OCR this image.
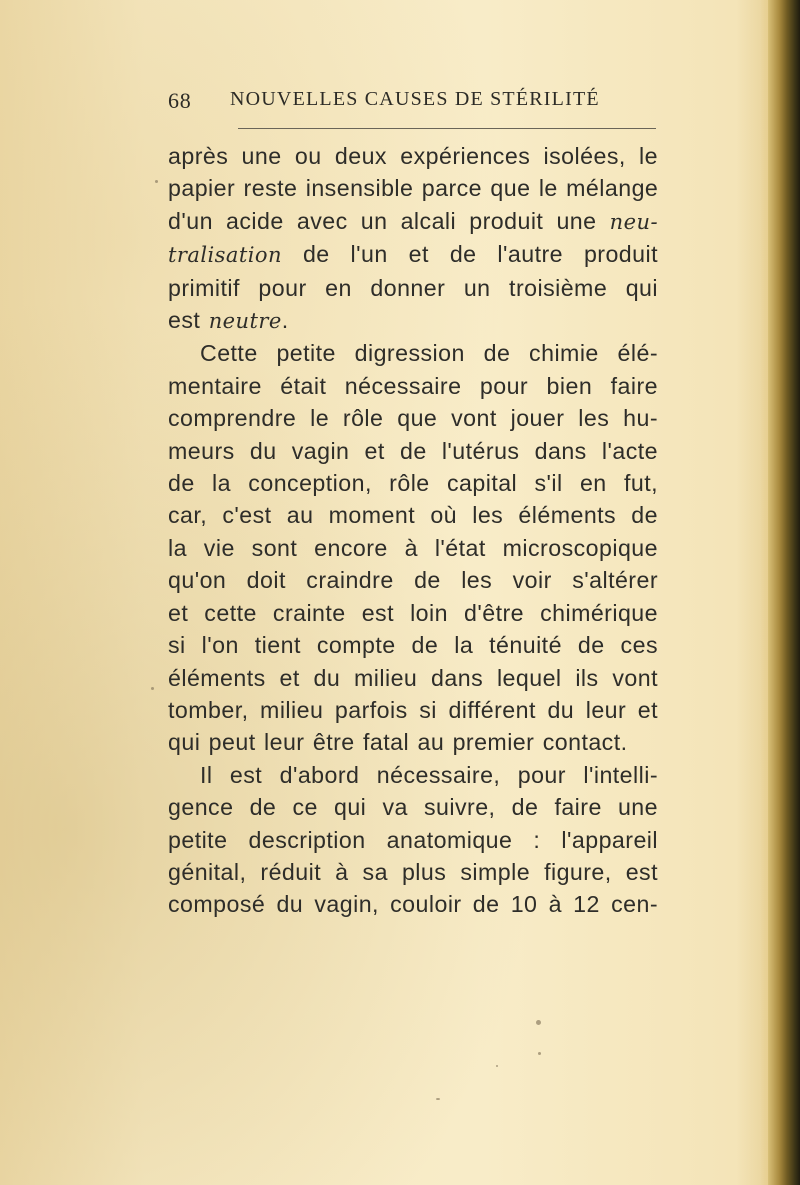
68 NOUVELLES CAUSES DE STÉRILITÉ
après une ou deux expériences isolées, le
papier reste insensible parce que le mélange
d'un acide avec un alcali produit une neu-
tralisation de l'un et de l'autre produit
primitif pour en donner un troisième qui
est neutre.
Cette petite digression de chimie élé-
mentaire était nécessaire pour bien faire
comprendre le rôle que vont jouer les hu-
meurs du vagin et de l'utérus dans l'acte
de la conception, rôle capital s'il en fut,
car, c'est au moment où les éléments de
la vie sont encore à l'état microscopique
qu'on doit craindre de les voir s'altérer
et cette crainte est loin d'être chimérique
si l'on tient compte de la ténuité de ces
éléments et du milieu dans lequel ils vont
tomber, milieu parfois si différent du leur et
qui peut leur être fatal au premier contact.
Il est d'abord nécessaire, pour l'intelli-
gence de ce qui va suivre, de faire une
petite description anatomique : l'appareil
génital, réduit à sa plus simple figure, est
composé du vagin, couloir de 10 à 12 cen-
